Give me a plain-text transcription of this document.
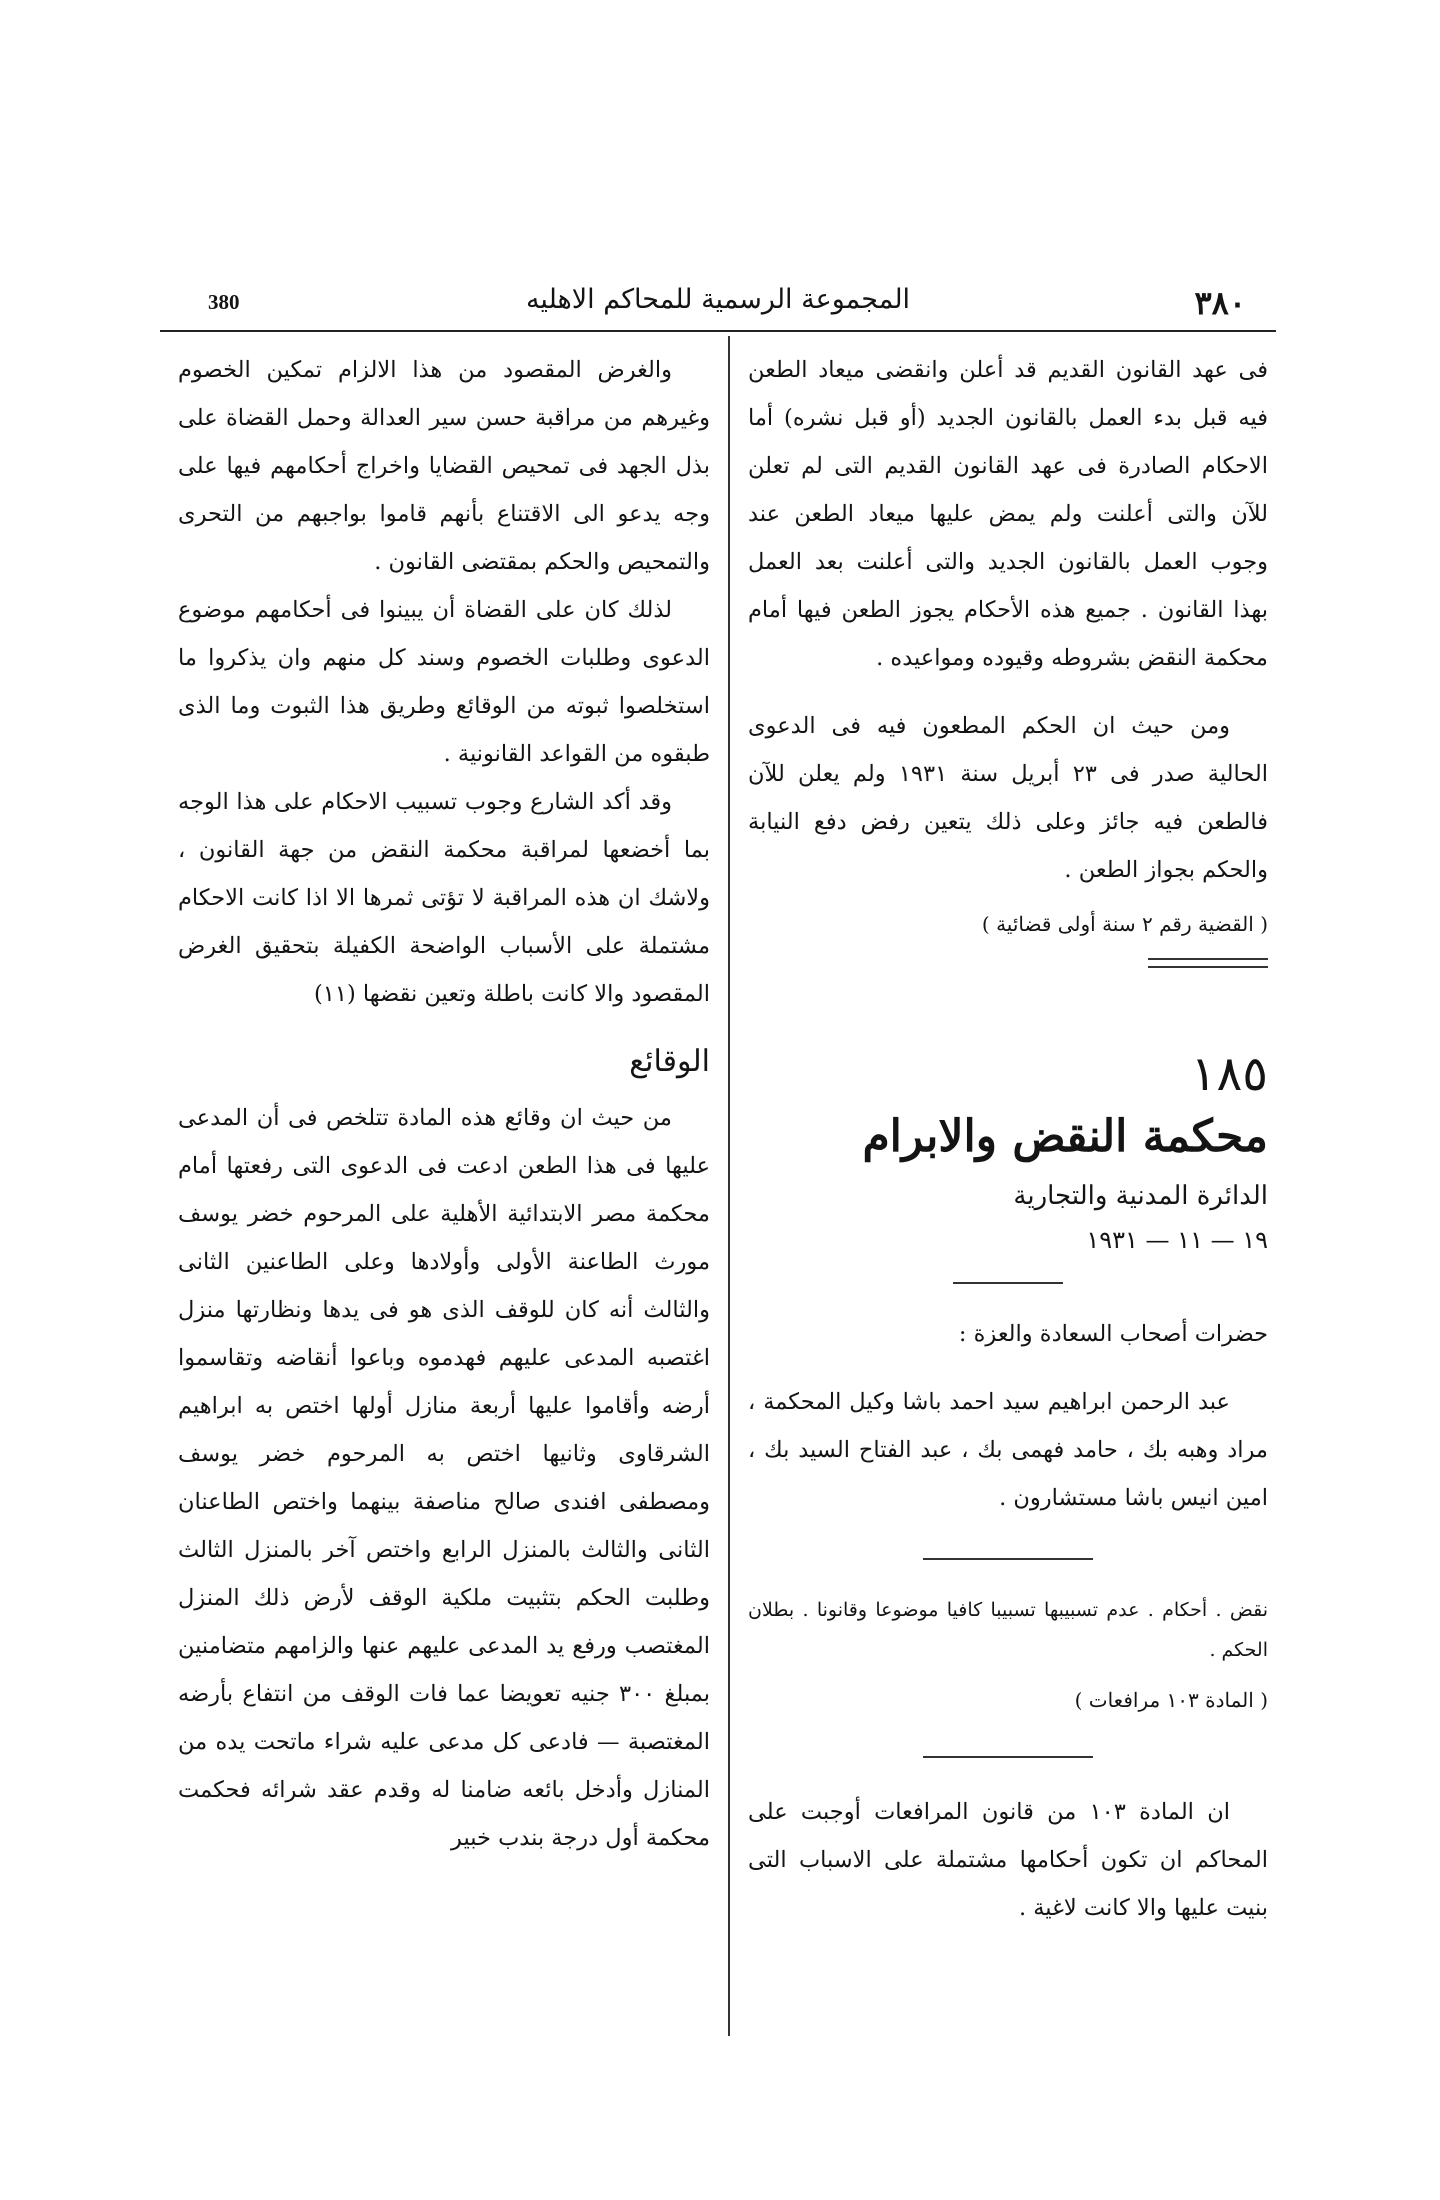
380	المجموعة الرسمية للمحاكم الاهليه	٣٨٠

فى عهد القانون القديم قد أعلن وانقضى ميعاد الطعن فيه قبل بدء العمل بالقانون الجديد (أو قبل نشره) أما الاحكام الصادرة فى عهد القانون القديم التى لم تعلن للآن والتى أعلنت ولم يمض عليها ميعاد الطعن عند وجوب العمل بالقانون الجديد والتى أعلنت بعد العمل بهذا القانون . جميع هذه الأحكام يجوز الطعن فيها أمام محكمة النقض بشروطه وقيوده ومواعيده .

ومن حيث ان الحكم المطعون فيه فى الدعوى الحالية صدر فى ٢٣ أبريل سنة ١٩٣١ ولم يعلن للآن فالطعن فيه جائز وعلى ذلك يتعين رفض دفع النيابة والحكم بجواز الطعن .

( القضية رقم ٢ سنة أولى قضائية )

١٨٥
محكمة النقض والابرام
الدائرة المدنية والتجارية
١٩ — ١١ — ١٩٣١

حضرات أصحاب السعادة والعزة :

عبد الرحمن ابراهيم سيد احمد باشا وكيل المحكمة ، مراد وهبه بك ، حامد فهمى بك ، عبد الفتاح السيد بك ، امين انيس باشا مستشارون .

نقض . أحكام . عدم تسبيبها تسبيبا كافيا موضوعا وقانونا . بطلان الحكم .

( المادة ١٠٣ مرافعات )

ان المادة ١٠٣ من قانون المرافعات أوجبت على المحاكم ان تكون أحكامها مشتملة على الاسباب التى بنيت عليها والا كانت لاغية .

والغرض المقصود من هذا الالزام تمكين الخصوم وغيرهم من مراقبة حسن سير العدالة وحمل القضاة على بذل الجهد فى تمحيص القضايا واخراج أحكامهم فيها على وجه يدعو الى الاقتناع بأنهم قاموا بواجبهم من التحرى والتمحيص والحكم بمقتضى القانون .

لذلك كان على القضاة أن يبينوا فى أحكامهم موضوع الدعوى وطلبات الخصوم وسند كل منهم وان يذكروا ما استخلصوا ثبوته من الوقائع وطريق هذا الثبوت وما الذى طبقوه من القواعد القانونية .

وقد أكد الشارع وجوب تسبيب الاحكام على هذا الوجه بما أخضعها لمراقبة محكمة النقض من جهة القانون ، ولاشك ان هذه المراقبة لا تؤتى ثمرها الا اذا كانت الاحكام مشتملة على الأسباب الواضحة الكفيلة بتحقيق الغرض المقصود والا كانت باطلة وتعين نقضها (١١)

الوقائع

من حيث ان وقائع هذه المادة تتلخص فى أن المدعى عليها فى هذا الطعن ادعت فى الدعوى التى رفعتها أمام محكمة مصر الابتدائية الأهلية على المرحوم خضر يوسف مورث الطاعنة الأولى وأولادها وعلى الطاعنين الثانى والثالث أنه كان للوقف الذى هو فى يدها ونظارتها منزل اغتصبه المدعى عليهم فهدموه وباعوا أنقاضه وتقاسموا أرضه وأقاموا عليها أربعة منازل أولها اختص به ابراهيم الشرقاوى وثانيها اختص به المرحوم خضر يوسف ومصطفى افندى صالح مناصفة بينهما واختص الطاعنان الثانى والثالث بالمنزل الرابع واختص آخر بالمنزل الثالث وطلبت الحكم بتثبيت ملكية الوقف لأرض ذلك المنزل المغتصب ورفع يد المدعى عليهم عنها والزامهم متضامنين بمبلغ ٣٠٠ جنيه تعويضا عما فات الوقف من انتفاع بأرضه المغتصبة — فادعى كل مدعى عليه شراء ماتحت يده من المنازل وأدخل بائعه ضامنا له وقدم عقد شرائه فحكمت محكمة أول درجة بندب خبير
